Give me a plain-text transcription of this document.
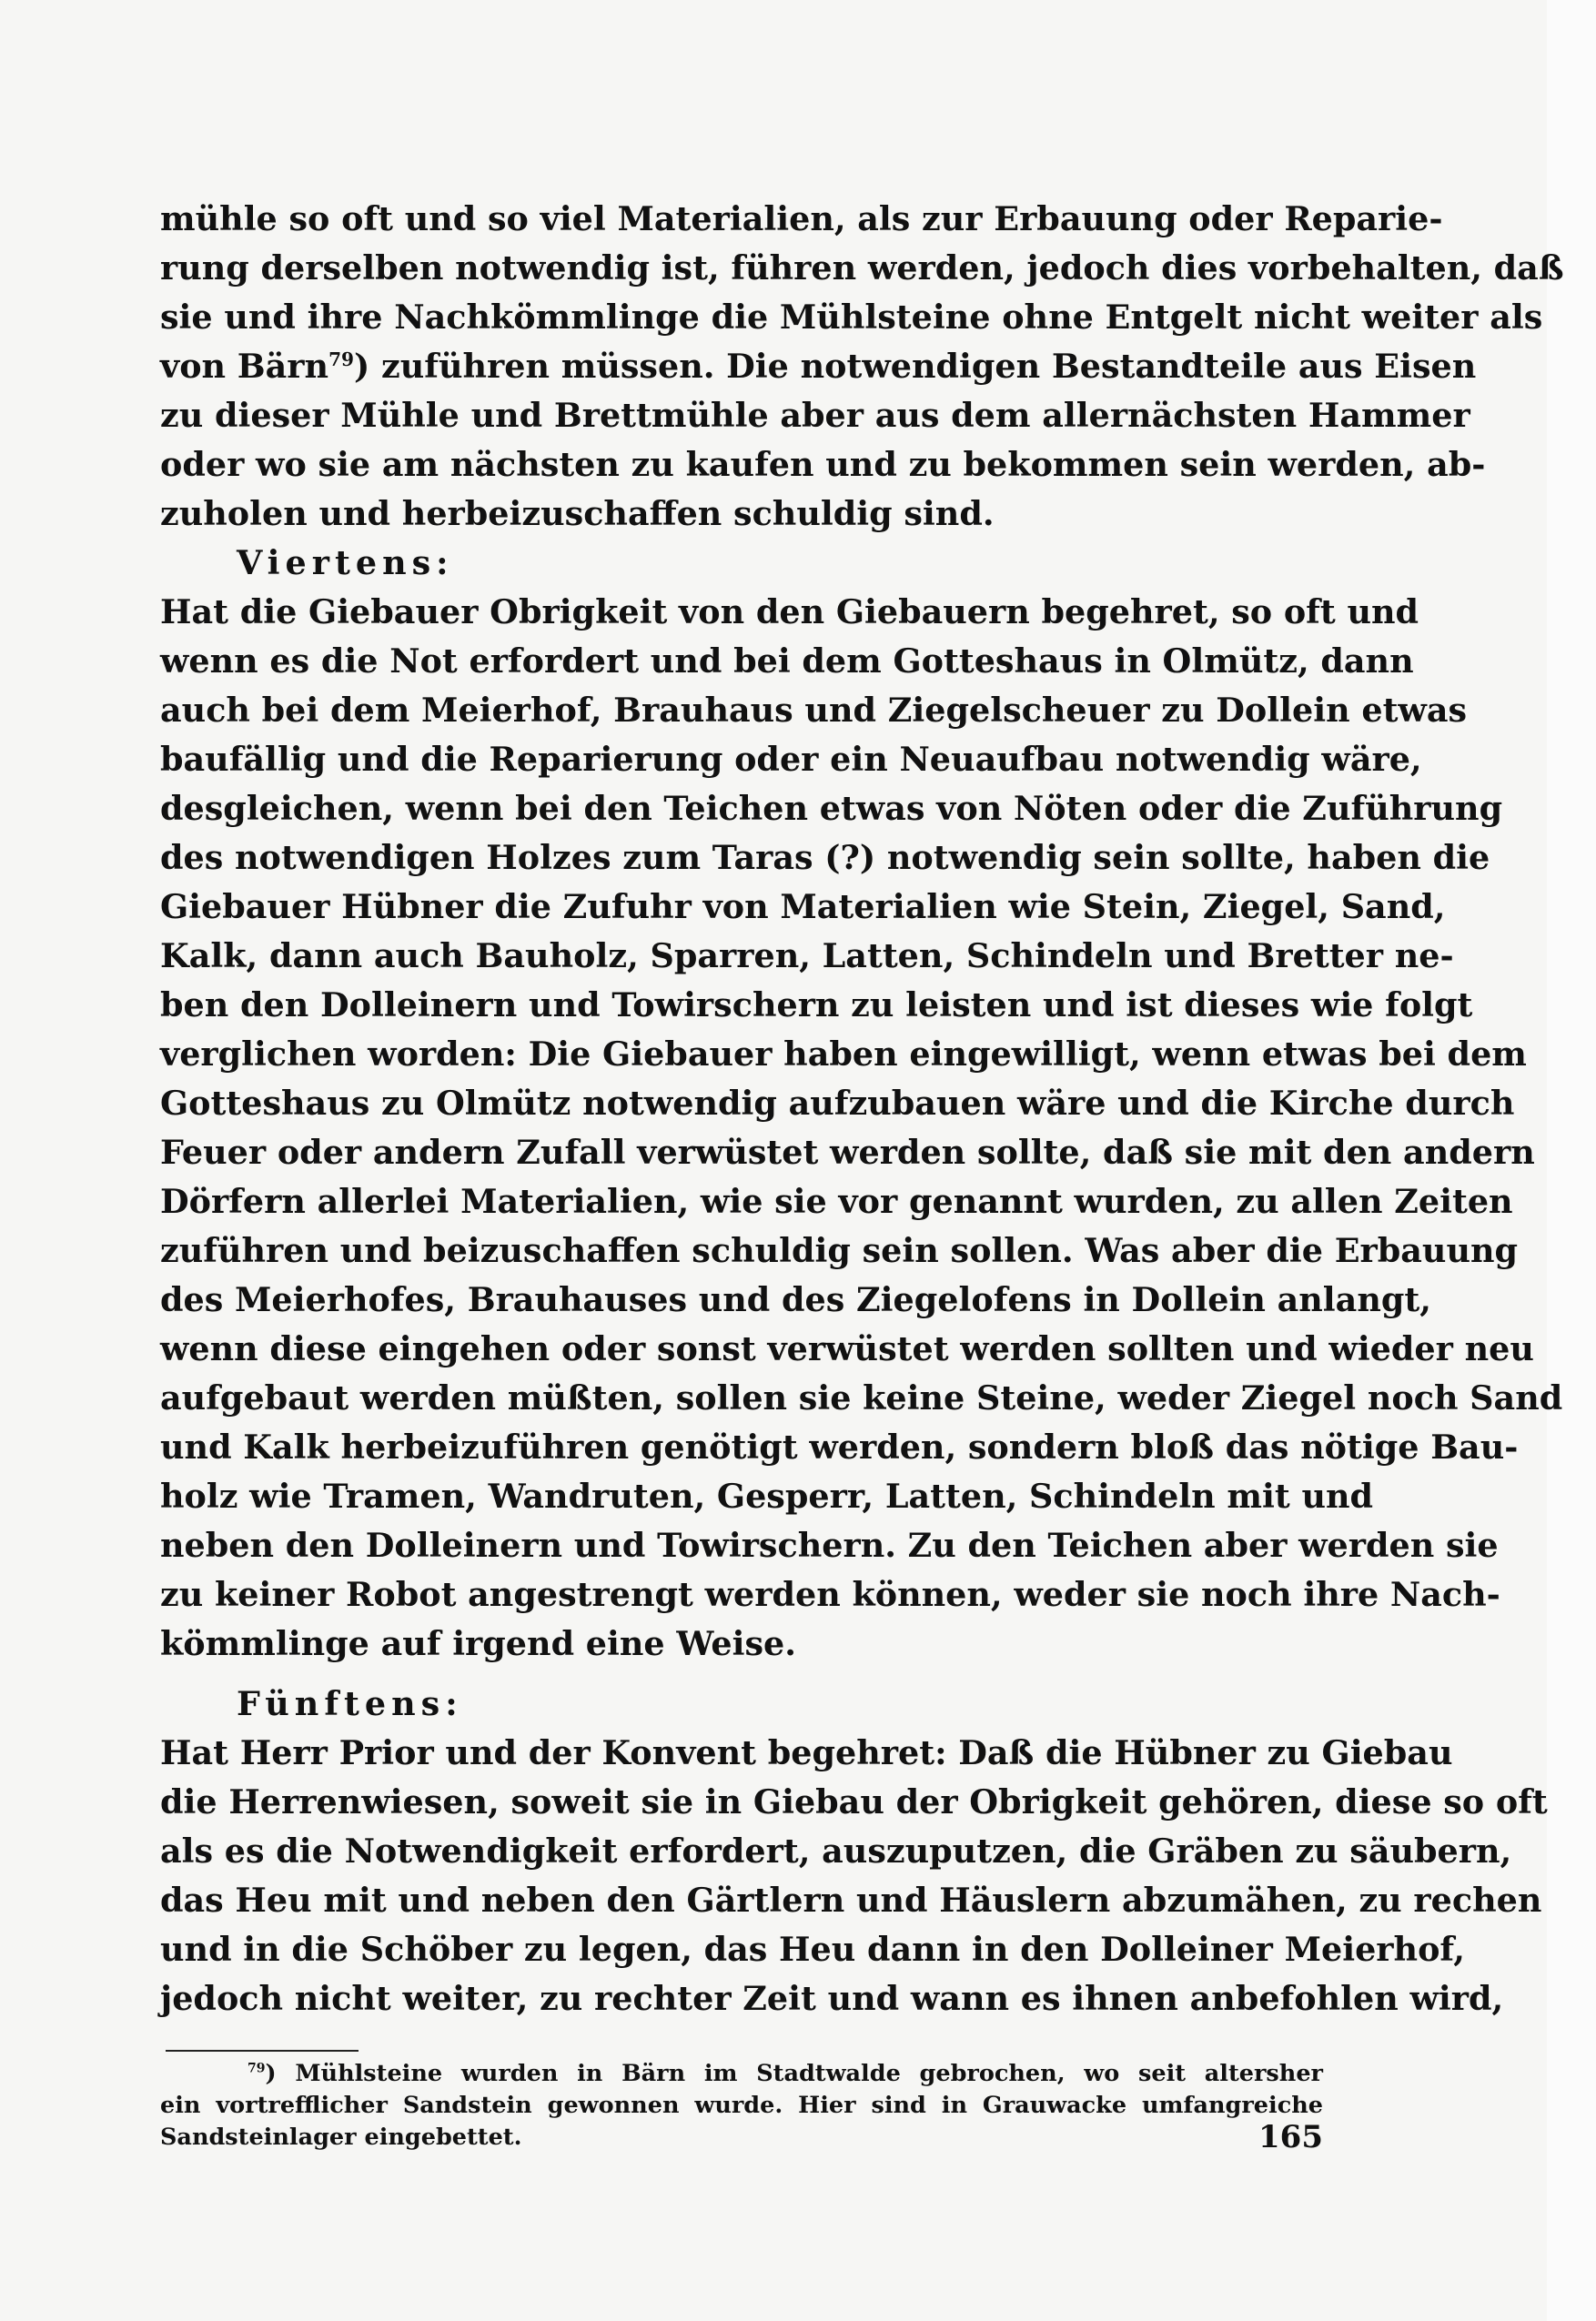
mühle so oft und so viel Materialien, als zur Erbauung oder Reparie-
rung derselben notwendig ist, führen werden, jedoch dies vorbehalten, daß
sie und ihre Nachkömmlinge die Mühlsteine ohne Entgelt nicht weiter als
von Bärn$^{79}$) zuführen müssen. Die notwendigen Bestandteile aus Eisen
zu dieser Mühle und Brettmühle aber aus dem allernächsten Hammer
oder wo sie am nächsten zu kaufen und zu bekommen sein werden, ab-
zuholen und herbeizuschaffen schuldig sind.
Viertens:
Hat die Giebauer Obrigkeit von den Giebauern begehret, so oft und
wenn es die Not erfordert und bei dem Gotteshaus in Olmütz, dann
auch bei dem Meierhof, Brauhaus und Ziegelscheuer zu Dollein etwas
baufällig und die Reparierung oder ein Neuaufbau notwendig wäre,
desgleichen, wenn bei den Teichen etwas von Nöten oder die Zuführung
des notwendigen Holzes zum Taras (?) notwendig sein sollte, haben die
Giebauer Hübner die Zufuhr von Materialien wie Stein, Ziegel, Sand,
Kalk, dann auch Bauholz, Sparren, Latten, Schindeln und Bretter ne-
ben den Dolleinern und Towirschern zu leisten und ist dieses wie folgt
verglichen worden: Die Giebauer haben eingewilligt, wenn etwas bei dem
Gotteshaus zu Olmütz notwendig aufzubauen wäre und die Kirche durch
Feuer oder andern Zufall verwüstet werden sollte, daß sie mit den andern
Dörfern allerlei Materialien, wie sie vor genannt wurden, zu allen Zeiten
zuführen und beizuschaffen schuldig sein sollen. Was aber die Erbauung
des Meierhofes, Brauhauses und des Ziegelofens in Dollein anlangt,
wenn diese eingehen oder sonst verwüstet werden sollten und wieder neu
aufgebaut werden müßten, sollen sie keine Steine, weder Ziegel noch Sand
und Kalk herbeizuführen genötigt werden, sondern bloß das nötige Bau-
holz wie Tramen, Wandruten, Gesperr, Latten, Schindeln mit und
neben den Dolleinern und Towirschern. Zu den Teichen aber werden sie
zu keiner Robot angestrengt werden können, weder sie noch ihre Nach-
kömmlinge auf irgend eine Weise.
Fünftens:
Hat Herr Prior und der Konvent begehret: Daß die Hübner zu Giebau
die Herrenwiesen, soweit sie in Giebau der Obrigkeit gehören, diese so oft
als es die Notwendigkeit erfordert, auszuputzen, die Gräben zu säubern,
das Heu mit und neben den Gärtlern und Häuslern abzumähen, zu rechen
und in die Schöber zu legen, das Heu dann in den Dolleiner Meierhof,
jedoch nicht weiter, zu rechter Zeit und wann es ihnen anbefohlen wird,
$^{79}$) Mühlsteine wurden in Bärn im Stadtwalde gebrochen, wo seit altersher
ein vortrefflicher Sandstein gewonnen wurde. Hier sind in Grauwacke umfangreiche
Sandsteinlager eingebettet.	165
